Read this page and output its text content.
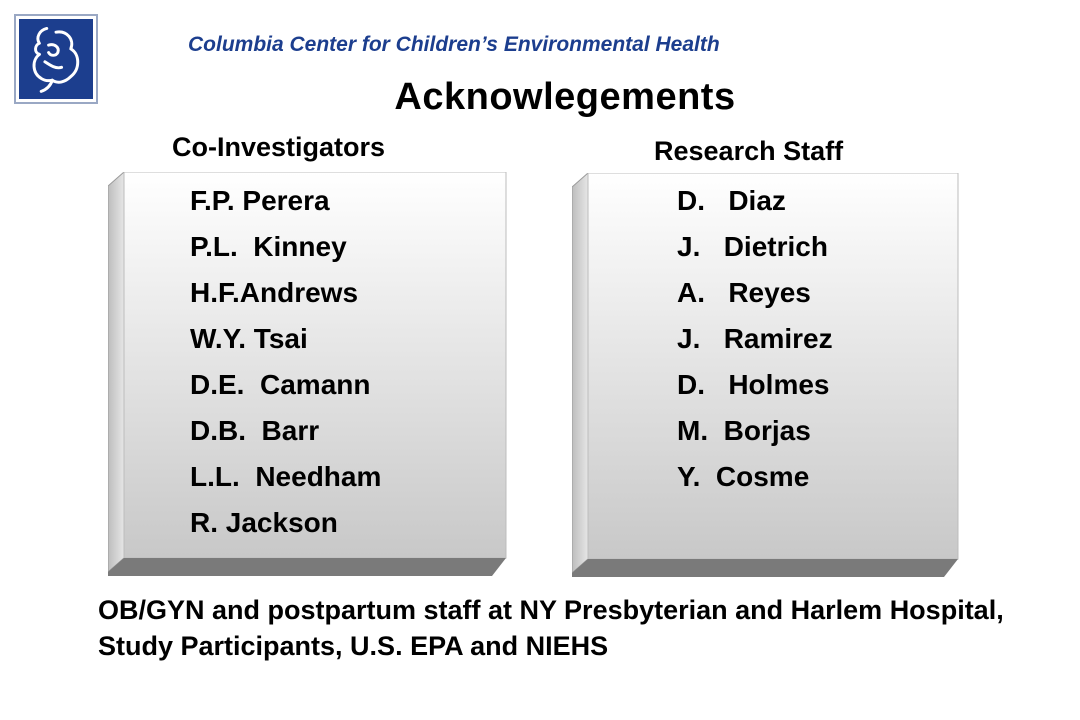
Columbia Center for Children’s Environmental Health
Acknowlegements
Co-Investigators	Research Staff
F.P. Perera
P.L.  Kinney
H.F.Andrews
W.Y. Tsai
D.E.  Camann
D.B.  Barr
L.L.  Needham
R. Jackson
D.   Diaz
J.   Dietrich
A.   Reyes
J.   Ramirez
D.   Holmes
M.  Borjas
Y.  Cosme
OB/GYN and postpartum staff at NY Presbyterian and Harlem Hospital, Study Participants, U.S. EPA and NIEHS
